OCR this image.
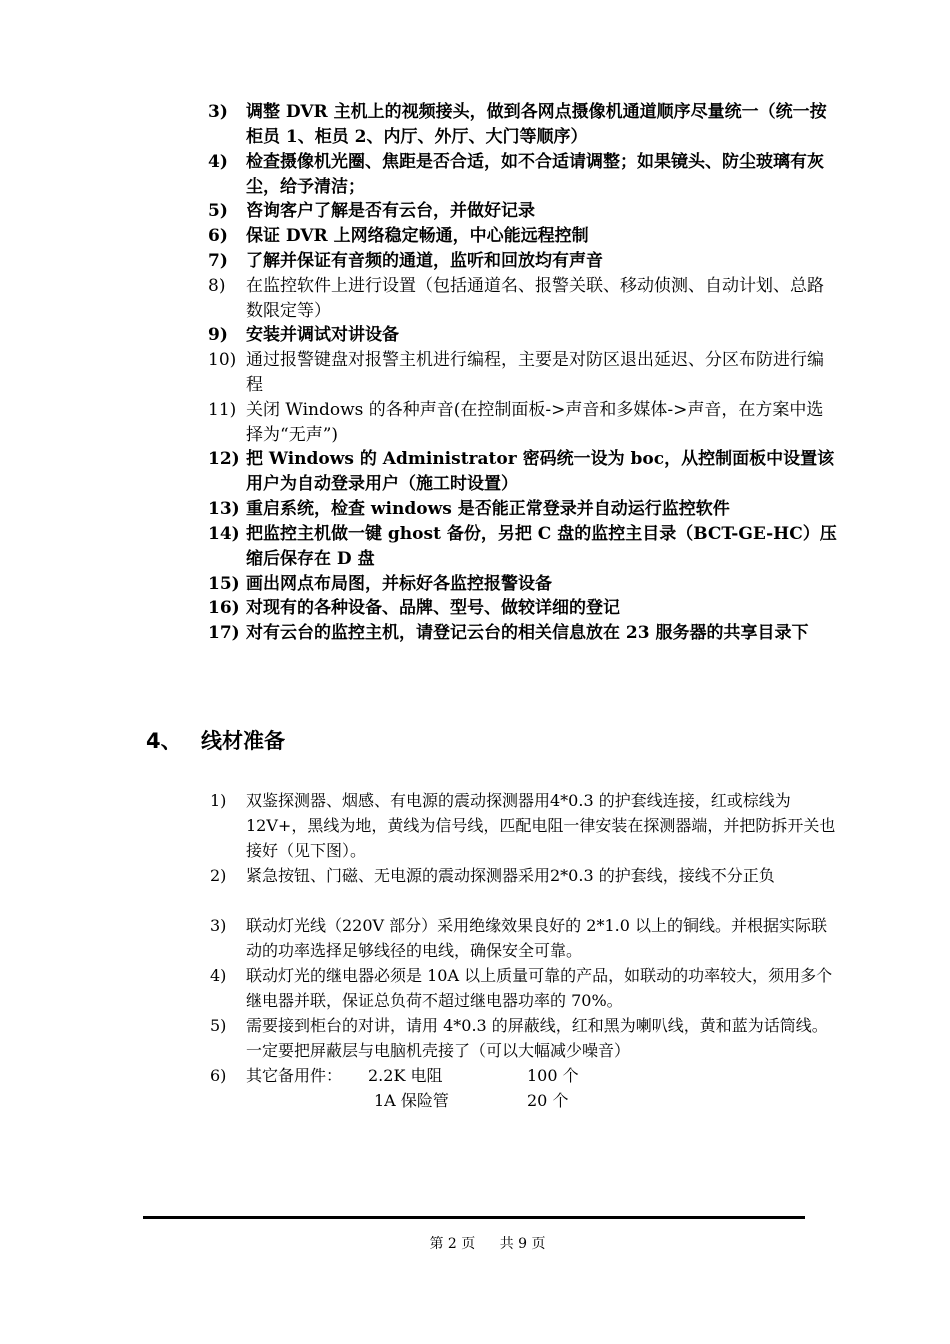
3) 调整 DVR 主机上的视频接头，做到各网点摄像机通道顺序尽量统一（统一按柜员 1、柜员 2、内厅、外厅、大门等顺序）
4) 检查摄像机光圈、焦距是否合适，如不合适请调整；如果镜头、防尘玻璃有灰尘，给予清洁；
5) 咨询客户了解是否有云台，并做好记录
6) 保证 DVR 上网络稳定畅通，中心能远程控制
7) 了解并保证有音频的通道，监听和回放均有声音
8) 在监控软件上进行设置（包括通道名、报警关联、移动侦测、自动计划、总路数限定等）
9) 安装并调试对讲设备
10) 通过报警键盘对报警主机进行编程，主要是对防区退出延迟、分区布防进行编程
11) 关闭 Windows 的各种声音(在控制面板->声音和多媒体->声音，在方案中选择为“无声”)
12) 把 Windows 的 Administrator 密码统一设为 boc，从控制面板中设置该用户为自动登录用户（施工时设置）
13) 重启系统，检查 windows 是否能正常登录并自动运行监控软件
14) 把监控主机做一键 ghost 备份，另把 C 盘的监控主目录（BCT-GE-HC）压缩后保存在 D 盘
15) 画出网点布局图，并标好各监控报警设备
16) 对现有的各种设备、品牌、型号、做较详细的登记
17) 对有云台的监控主机，请登记云台的相关信息放在 23 服务器的共享目录下
4、 线材准备
1) 双鉴探测器、烟感、有电源的震动探测器用4*0.3 的护套线连接，红或棕线为 12V+，黑线为地，黄线为信号线，匹配电阻一律安装在探测器端，并把防拆开关也接好（见下图）。
2) 紧急按钮、门磁、无电源的震动探测器采用2*0.3 的护套线，接线不分正负
3) 联动灯光线（220V 部分）采用绝缘效果良好的 2*1.0 以上的铜线。并根据实际联动的功率选择足够线径的电线，确保安全可靠。
4) 联动灯光的继电器必须是 10A 以上质量可靠的产品，如联动的功率较大，须用多个继电器并联，保证总负荷不超过继电器功率的 70%。
5) 需要接到柜台的对讲，请用 4*0.3 的屏蔽线，红和黑为喇叭线，黄和蓝为话筒线。一定要把屏蔽层与电脑机壳接了（可以大幅减少噪音）
6) 其它备用件：	2.2K 电阻	100 个
1A 保险管	20 个
第 2 页 共 9 页
